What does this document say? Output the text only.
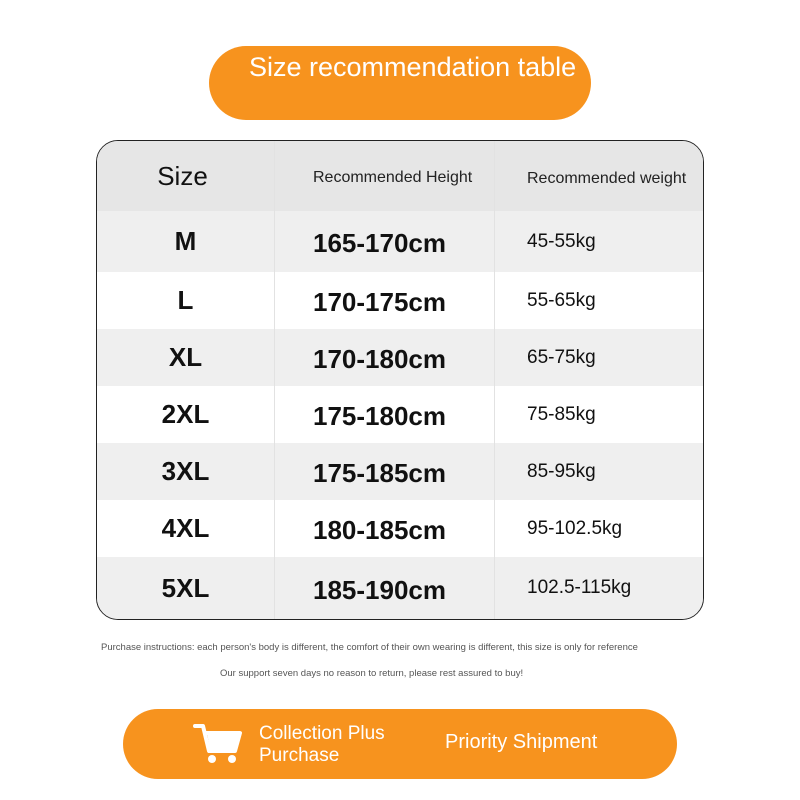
Size recommendation table
Size	Recommended Height	Recommended weight
M	165-170cm	45-55kg
L	170-175cm	55-65kg
XL	170-180cm	65-75kg
2XL	175-180cm	75-85kg
3XL	175-185cm	85-95kg
4XL	180-185cm	95-102.5kg
5XL	185-190cm	102.5-115kg
Purchase instructions: each person's body is different, the comfort of their own wearing is different, this size is only for reference
Our support seven days no reason to return, please rest assured to buy!
Collection Plus Purchase
Priority Shipment
